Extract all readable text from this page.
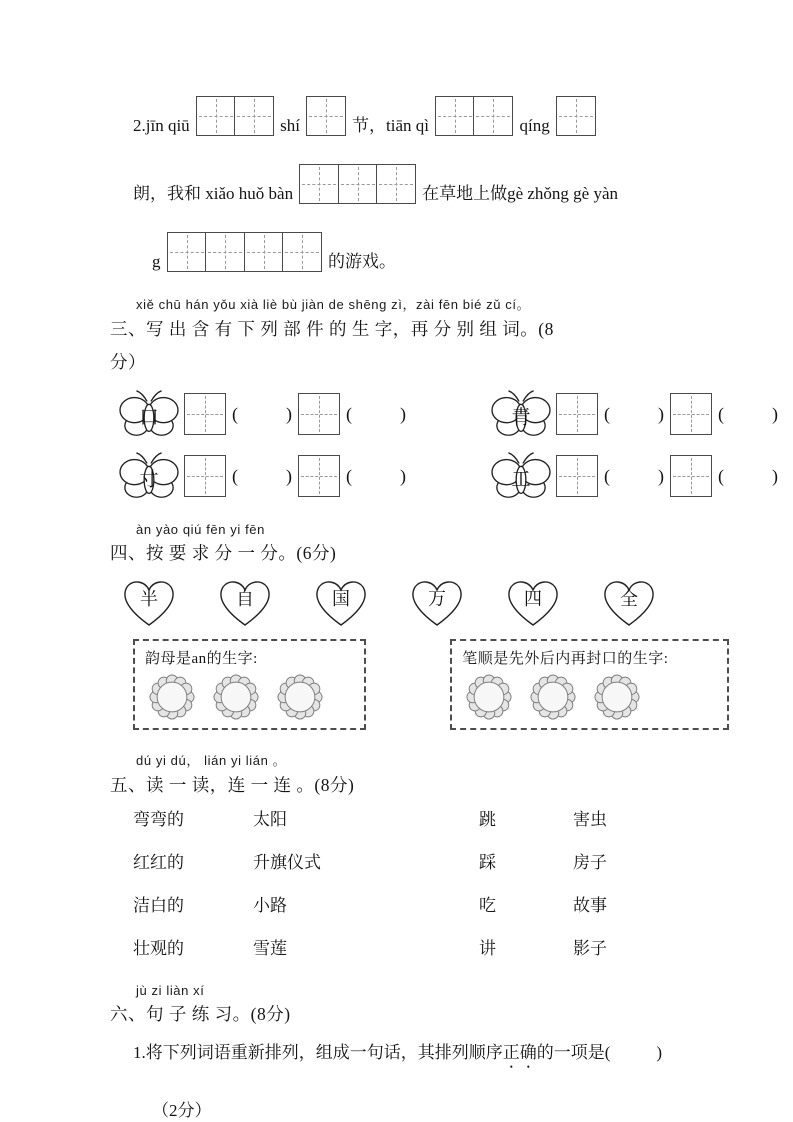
2.jīn qiū	shí	节，tiān qì	qíng
朗，我和 xiǎo huǒ bàn	在草地上做gè zhǒng gè yàn
g	的游戏。
xiě chū hán yǒu xià liè bù jiàn de shēng zì，zài fēn bié zǔ cí。
三、写 出 含 有 下 列 部 件 的 生 字，再 分 别 组 词。(8
分）
口	(	)	(	)	青	(	)	(	)
寸	(	)	(	)	工	(	)	(	)
àn yào qiú fēn yi fēn
四、按 要 求 分 一 分。(6分)
半	自	国	万	四	全
韵母是an的生字:	笔顺是先外后内再封口的生字:
dú yi dú， lián yi lián 。
五、读 一 读，连 一 连 。(8分)
弯弯的	太阳	跳	害虫
红红的	升旗仪式	踩	房子
洁白的	小路	吃	故事
壮观的	雪莲	讲	影子
jù zi liàn xí
六、句 子 练 习。(8分)
1.将下列词语重新排列，组成一句话，其排列顺序正确的一项是(	)
（2分）
